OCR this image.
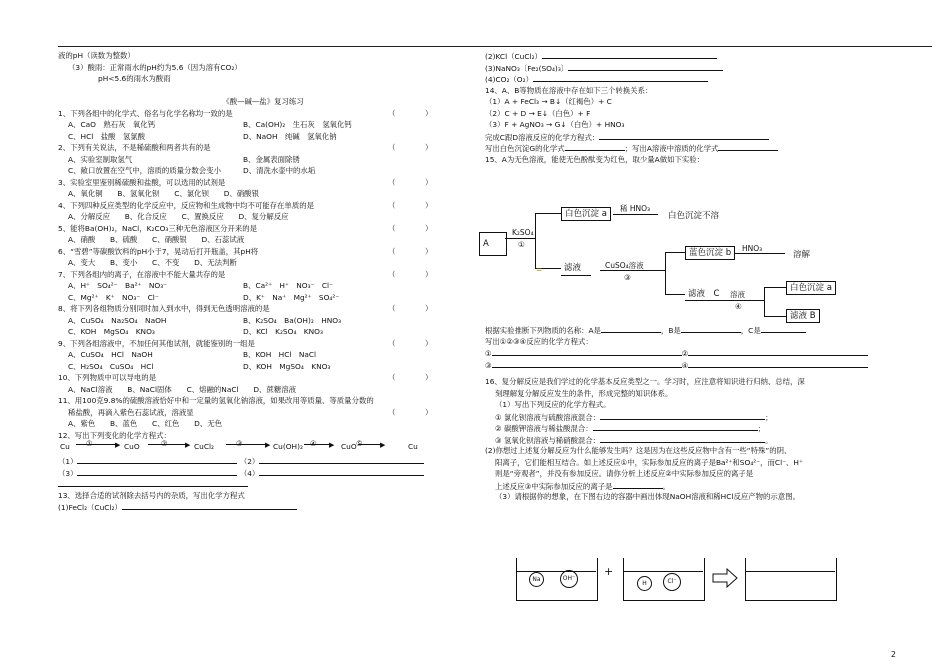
液的pH（读数为整数）
（3）酸雨：正常雨水的pH约为5.6（因为溶有CO₂）
pH<5.6的雨水为酸雨
《酸—碱—盐》复习练习
1、下列各组中的化学式、俗名与化学名称均一致的是	（　　　　）
A、CaO　熟石灰　氧化钙	B、Ca(OH)₂　生石灰　氢氧化钙
C、HCl　盐酸　氢氯酸	D、NaOH　纯碱　氢氧化钠
2、下列有关说法，不是稀硫酸和两者共有的是	（　　　　）
A、实验室制取氢气	B、金属表面除锈
C、敞口放置在空气中，溶质的质量分数会变小	D、清洗水壶中的水垢
3、实验室里鉴别稀硫酸和盐酸，可以选用的试剂是	（　　　　）
A、氧化铜　　B、氢氧化钡　　C、氯化钡　　D、硝酸银
4、下列四种反应类型的化学反应中，反应物和生成物中均不可能存在单质的是	（　　　　）
A、分解反应　　B、化合反应　　C、置换反应　　D、复分解反应
5、能将Ba(OH)₂，NaCl，K₂CO₃三种无色溶液区分开来的是	（　　　　）
A、硝酸　　B、硫酸　　C、硝酸银　　D、石蕊试液
6、“雪碧”等碳酸饮料的pH小于7，晃动后打开瓶盖，其pH将	（　　　　）
A、变大　　B、变小　　C、不变　　D、无法判断
7、下列各组内的离子，在溶液中不能大量共存的是	（　　　　）
A、H⁺　SO₄²⁻　Ba²⁺　NO₃⁻	B、Ca²⁺　H⁺　NO₃⁻　Cl⁻
C、Mg²⁺　K⁺　NO₃⁻　Cl⁻	D、K⁺　Na⁺　Mg²⁺　SO₄²⁻
8、将下列各组物质分别同时加入到水中，得到无色透明溶液的是	（　　　　）
A、CuSO₄　Na₂SO₄　NaOH	B、K₂SO₄　Ba(OH)₂　HNO₃
C、KOH　MgSO₄　KNO₃	D、KCl　K₂SO₄　KNO₃
9、下列各组溶液中，不加任何其他试剂，就能鉴别的一组是	（　　　　）
A、CuSO₄　HCl　NaOH	B、KOH　HCl　NaCl
C、H₂SO₄　CuSO₄　HCl	D、KOH　MgSO₄　KNO₃
10、下列物质中可以导电的是	（　　　　）
A、NaCl溶液　　B、NaCl固体　　C、熔融的NaCl　　D、蔗糖溶液
11、用100克9.8%的硫酸溶液恰好中和一定量的氢氧化钠溶液，如果改用等质量、等质量分数的
稀盐酸，再滴入紫色石蕊试液，溶液显	（　　　　）
A、紫色　　B、蓝色　　C、红色　　D、无色
12、写出下列变化的化学方程式：
Cu ①	▶ CuO	② ▶ CuCl₂	③	▶ Cu(OH)₂ ④ ▶ CuO ⑤ ▶	Cu
（1）	（2）
（3）	（4）
13、选择合适的试剂除去括号内的杂质，写出化学方程式
(1)FeCl₂（CuCl₂）
(2)KCl（CuCl₂）
(3)NaNO₃〔Fe₂(SO₄)₃〕
(4)CO₂（O₂）
14、A、B等物质在溶液中存在如下三个转换关系：
（1）A + FeCl₃ → B↓（红褐色）+ C
（2）C + D → E↓（白色）+ F
（3）F + AgNO₃ → G↓（白色）+ HNO₃
完成C跟D溶液反应的化学方程式：
写出白色沉淀G的化学式	；写出A溶液中溶质的化学式
15、A为无色溶液，能使无色酚酞变为红色，取少量A做如下实验：
A
K₂SO₄
①
白色沉淀 a
稀 HNO₃
白色沉淀不溶
=	滤液	CuSO₄溶液
③
蓝色沉淀 b	HNO₃
溶解
滤液　C	溶液
④
白色沉淀 a
滤液 B
根据实验推断下列物质的名称：A是	，B是	，C是
写出①②③④反应的化学方程式：
①	②
③	④
16、复分解反应是我们学过的化学基本反应类型之一。学习时，应注意将知识进行归纳、总结，深
刻理解复分解反应发生的条件，形成完整的知识体系。
（1）写出下列反应的化学方程式。
① 氯化钡溶液与硫酸溶液混合：	；
② 碳酸钾溶液与稀盐酸混合：	；
③ 氢氧化钡溶液与稀硝酸混合：	。
(2)你想过上述复分解反应为什么能够发生吗？这是因为在这些反应物中含有一些“特殊”的阴、
阳离子，它们能相互结合。如上述反应①中，实际参加反应的离子是Ba²⁺和SO₄²⁻，而Cl⁻、H⁺
则是“旁观者”，并没有参加反应。请你分析上述反应②中实际参加反应的离子是
上述反应③中实际参加反应的离子是	。
（3）请根据你的想象，在下图右边的容器中画出体现NaOH溶液和稀HCl反应产物的示意图。
Na	OH⁻
+
H	Cl⁻
2
